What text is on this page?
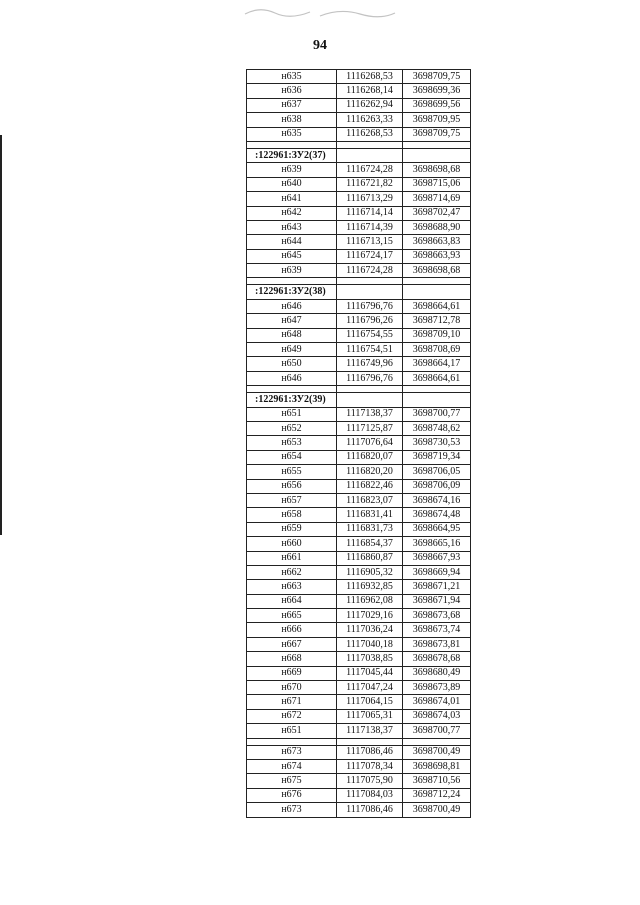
94
н635	1116268,53	3698709,75
н636	1116268,14	3698699,36
н637	1116262,94	3698699,56
н638	1116263,33	3698709,95
н635	1116268,53	3698709,75

:122961:ЗУ2(37)		
н639	1116724,28	3698698,68
н640	1116721,82	3698715,06
н641	1116713,29	3698714,69
н642	1116714,14	3698702,47
н643	1116714,39	3698688,90
н644	1116713,15	3698663,83
н645	1116724,17	3698663,93
н639	1116724,28	3698698,68

:122961:ЗУ2(38)		
н646	1116796,76	3698664,61
н647	1116796,26	3698712,78
н648	1116754,55	3698709,10
н649	1116754,51	3698708,69
н650	1116749,96	3698664,17
н646	1116796,76	3698664,61

:122961:ЗУ2(39)		
н651	1117138,37	3698700,77
н652	1117125,87	3698748,62
н653	1117076,64	3698730,53
н654	1116820,07	3698719,34
н655	1116820,20	3698706,05
н656	1116822,46	3698706,09
н657	1116823,07	3698674,16
н658	1116831,41	3698674,48
н659	1116831,73	3698664,95
н660	1116854,37	3698665,16
н661	1116860,87	3698667,93
н662	1116905,32	3698669,94
н663	1116932,85	3698671,21
н664	1116962,08	3698671,94
н665	1117029,16	3698673,68
н666	1117036,24	3698673,74
н667	1117040,18	3698673,81
н668	1117038,85	3698678,68
н669	1117045,44	3698680,49
н670	1117047,24	3698673,89
н671	1117064,15	3698674,01
н672	1117065,31	3698674,03
н651	1117138,37	3698700,77

н673	1117086,46	3698700,49
н674	1117078,34	3698698,81
н675	1117075,90	3698710,56
н676	1117084,03	3698712,24
н673	1117086,46	3698700,49
